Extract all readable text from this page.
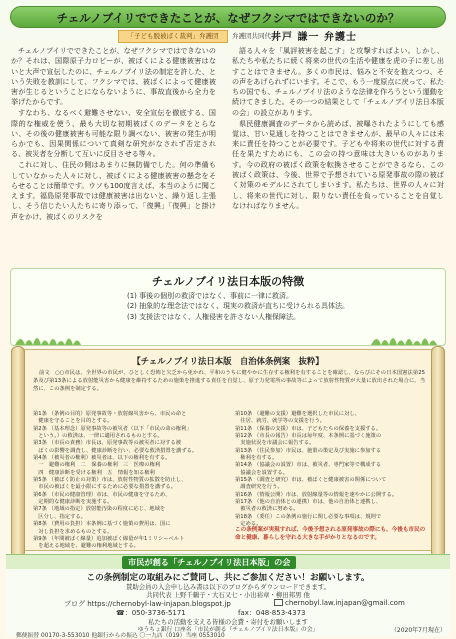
チェルノブイリでできたことが、なぜフクシマではできないのか？
「子ども脱被ばく裁判」弁護団	弁護団共同代表
井戸 謙一 弁護士

チェルノブイリでできたことが、なぜフクシマではできないのか？それは、国際原子力ロビーが、被ばくによる健康被害はないと大声で宣伝したのに、チェルノブイリ法の制定を許した、という失敗を教訓にして、フクシマでは、被ばくによって健康被害が生じるということにならないように、事故直後から全力を挙げたからです。

すなわち、なるべく避難させない、安全宣伝を徹底する、国際的な権威を使う、最も大切な初期被ばくのデータをとらない、その後の健康被害も可能な限り調べない、被害の発生が明らかでも、因果関係について真剣な研究がなされず否定される、被災者を分断して互いに反目させる等々。

これに対し、住民の側はあまりに無防備でした。何の準備もしていなかった人々に対し、被ばくによる健康被害の懸念をそらせることは簡単です。ウソも100度言えば、本当のように聞こえます。福島原発事故では健康被害は出ないと、繰り返し主張し、そう信じたい人たちに寄り添って、「復興」「復興」と掛け声をかけ、被ばくのリスクを

語る人々を「風評被害を起こす」と攻撃すればよい。しかし、私たちや私たちに続く将来の世代の生活や健康を虎の子に差し出すことはできません。多くの市民は、悩みと不安を抱えつつ、その声をあげられずにいます。そこで、もう一度原点に戻って、私たちの国でも、チェルノブイリ法のような法律を作ろうという運動を続けてきました。その一つの結果として「チェルノブイリ法日本版の会」の設立があります。

県民健康調査のデータから読めば、被曝されたようにしても感覚は、甘い見通しを持つことはできませんが、最早の人々には未来に責任を持つことが必要です。子どもや将来の世代に対する責任を果たすためにも、この会の持つ意味は大きいものがあります。今の政府の被ばく政策を転換させることができるなら、この被ばく政策は、今後、世界で予想されている原発事故の際の被ばく対策のモデルにされてしまいます。私たちは、世界の人々に対し、将来の世代に対し、限りない責任を負っていることを自覚しなければなりません。

チェルノブイリ法日本版の特徴
(1) 事後の個別の救済ではなく、事前に一律に救済。
(2) 抽象的な理念法ではなく、現実の救済が直ちに受けられる具体法。
(3) 支援法ではなく、人権侵害を許さない人権保障法。
【チェルノブイリ法日本版　自治体条例案　抜粋】
前文　○○市民は、全世界の市民が、ひとしく恐怖と欠乏から免かれ、平和のうちに健やかに生存する権利を有することを確認し、ならびにその日本国憲法第25条及び第13条による放射能災害から健康を維持するための施策を推進する責任を自覚し、原子力発電所の事故等によって放射性物質が大量に放出された場合に、当然に、この条例を制定する。
第1条 （条例の目的）原発事故等・放射線災害から、市民の命と
　健康を守ることを目的とする。
第2条 （基本理念）原発事故等の被災者（以下「市民の命の権利」
　という。）の救済は、一律に適用されるものとする。
第3条 （市長の責務）市長は、原発事故等の被災者に対する被
　ばくの影響を調査し、健康診断を行い、必要な救済措置を講ずる。
第4条 （被災者の権利）被災者は、以下の権利を有する。
　一　避難の権利　二　保養の権利　三　医療の権利
　四　健康診断を受ける権利　五　情報を知る権利
第5条 （被ばく防止の対策）市は、放射性物質の拡散を防止し、
　市民の被ばくを最小限にするために必要な措置を講ずる。
第6条 （市民の健康管理）市は、市民の健康を守るため、
　定期的な健康診断を実施する。
第7条 （地域の指定）放射能汚染の程度に応じ、地域を
　区分し、指定する。
第8条 （費用の負担）本条例に基づく施策の費用は、国に
　対し負担を求めるものとする。
第9条 （年間被ばく線量）追加被ばく線量が年1ミリシーベルト
　を超える地域を、避難の権利地域とする。
第10条 （避難の支援）避難を選択した市民に対し、
　住居、就労、就学等の支援を行う。
第11条 （保養の支援）市は、子どもたちの保養を支援する。
第12条 （市長の報告）市長は毎年度、本条例に基づく施策の
　実施状況を市議会に報告する。
第13条 （住民参加）市民は、施策の策定及び実施に参加する
　権利を有する。
第14条 （協議会の設置）市は、被災者、専門家等で構成する
　協議会を設置する。
第15条 （調査と研究）市は、被ばくと健康被害の関係について
　調査研究を行う。
第16条 （情報公開）市は、放射線量等の情報を速やかに公開する。
第17条 （他の自治体との連携）市は、他の自治体と連携し、
　被災者の救済に努める。
第18条 （委任）この条例の施行に関し必要な事項は、規則で
　定める。
この条例案が実現すれば、今後予想される原発事故の際にも、今後も市民の命と健康、暮らしを守れる大きな手がかりとなるのです。
市民が創る「チェルノブイリ法日本版」の会
この条例制定の取組みにご賛同し、共にご参加ください！お願いします。
賛助会員の入会申し込み書は以下のブログからダウンロードできます。
共同代表 上野千鶴子・大石又七・小出裕章・柳田邦男 他
ブログ https://chernobyl-law-injapan.blogspot.jp	chernobyl.law.injapan@gmail.com
☎：050-3736-5171	fax：048-853-4373
私たちの活動を支える皆様の会費・寄付をお願いします
ゆうちょ銀行 口座名「市民が創る『チェルノブイリ法日本版』の会」
郵便振替 00170-3-553010 他銀行からの振込 〇一九店（019）当座 0553010
（2020年7月現在）
